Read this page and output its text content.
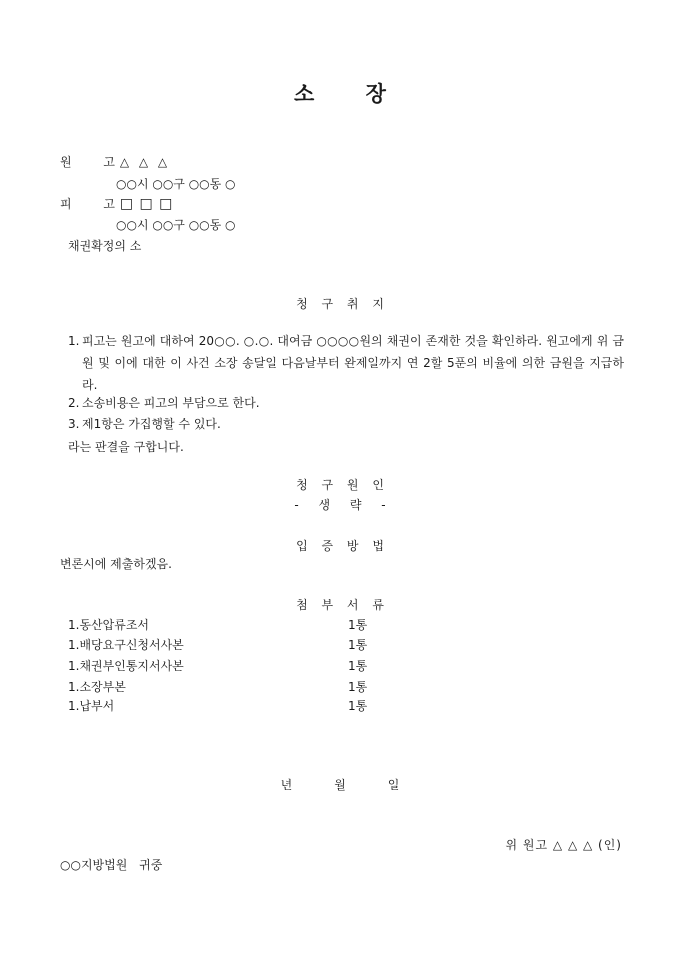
소 장
원 고 △ △ △
○○시 ○○구 ○○동 ○
피 고 □ □ □
○○시 ○○구 ○○동 ○
채권확정의 소
청 구 취 지
1. 피고는 원고에 대하여 20○○. ○.○. 대여금 ○○○○원의 채권이 존재한 것을 확인하라. 원고에게 위 금원 및 이에 대한 이 사건 소장 송달일 다음날부터 완제일까지 연 2할 5푼의 비율에 의한 금원을 지급하라.
2. 소송비용은 피고의 부담으로 한다.
3. 제1항은 가집행할 수 있다.
라는 판결을 구합니다.
청 구 원 인
- 생 략 -
입 증 방 법
변론시에 제출하겠음.
첨 부 서 류
1.동산압류조서	1통
1.배당요구신청서사본	1통
1.채권부인통지서사본	1통
1.소장부본	1통
1.납부서	1통
년	월	일
위 원고 △ △ △ (인)
○○지방법원 귀중
